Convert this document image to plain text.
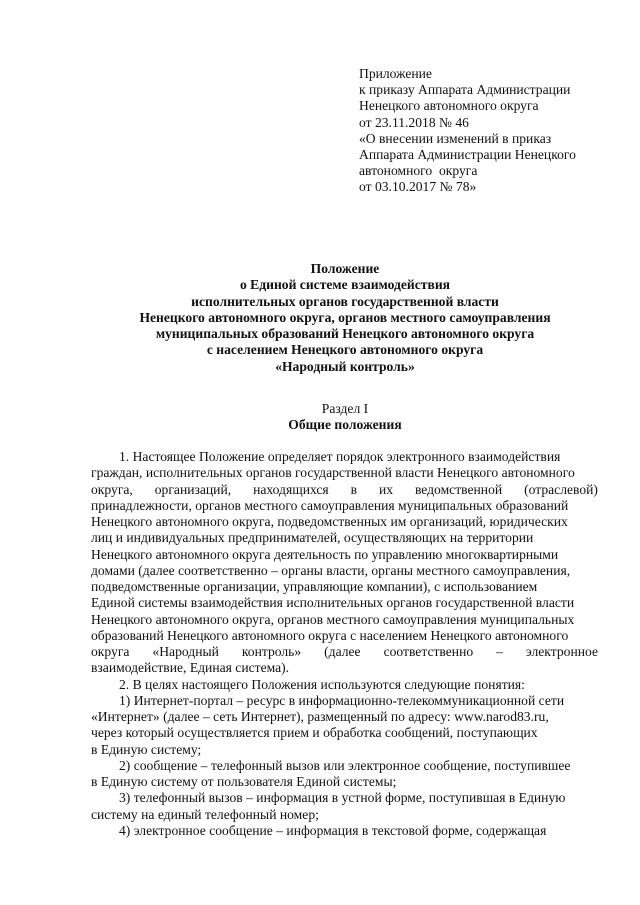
Приложение
к приказу Аппарата Администрации
Ненецкого автономного округа
от 23.11.2018 № 46
«О внесении изменений в приказ
Аппарата Администрации Ненецкого
автономного  округа
от 03.10.2017 № 78»
Положение
о Единой системе взаимодействия
исполнительных органов государственной власти
Ненецкого автономного округа, органов местного самоуправления
муниципальных образований Ненецкого автономного округа
с населением Ненецкого автономного округа
«Народный контроль»
Раздел I
Общие положения
1. Настоящее Положение определяет порядок электронного взаимодействия
граждан, исполнительных органов государственной власти Ненецкого автономного
округа, организаций, находящихся в их ведомственной (отраслевой)
принадлежности, органов местного самоуправления муниципальных образований
Ненецкого автономного округа, подведомственных им организаций, юридических
лиц и индивидуальных предпринимателей, осуществляющих на территории
Ненецкого автономного округа деятельность по управлению многоквартирными
домами (далее соответственно – органы власти, органы местного самоуправления,
подведомственные организации, управляющие компании), с использованием
Единой системы взаимодействия исполнительных органов государственной власти
Ненецкого автономного округа, органов местного самоуправления муниципальных
образований Ненецкого автономного округа с населением Ненецкого автономного
округа «Народный контроль» (далее соответственно – электронное
взаимодействие, Единая система).
2. В целях настоящего Положения используются следующие понятия:
1) Интернет-портал – ресурс в информационно-телекоммуникационной сети
«Интернет» (далее – сеть Интернет), размещенный по адресу: www.narod83.ru,
через который осуществляется прием и обработка сообщений, поступающих
в Единую систему;
2) сообщение – телефонный вызов или электронное сообщение, поступившее
в Единую систему от пользователя Единой системы;
3) телефонный вызов – информация в устной форме, поступившая в Единую
систему на единый телефонный номер;
4) электронное сообщение – информация в текстовой форме, содержащая
